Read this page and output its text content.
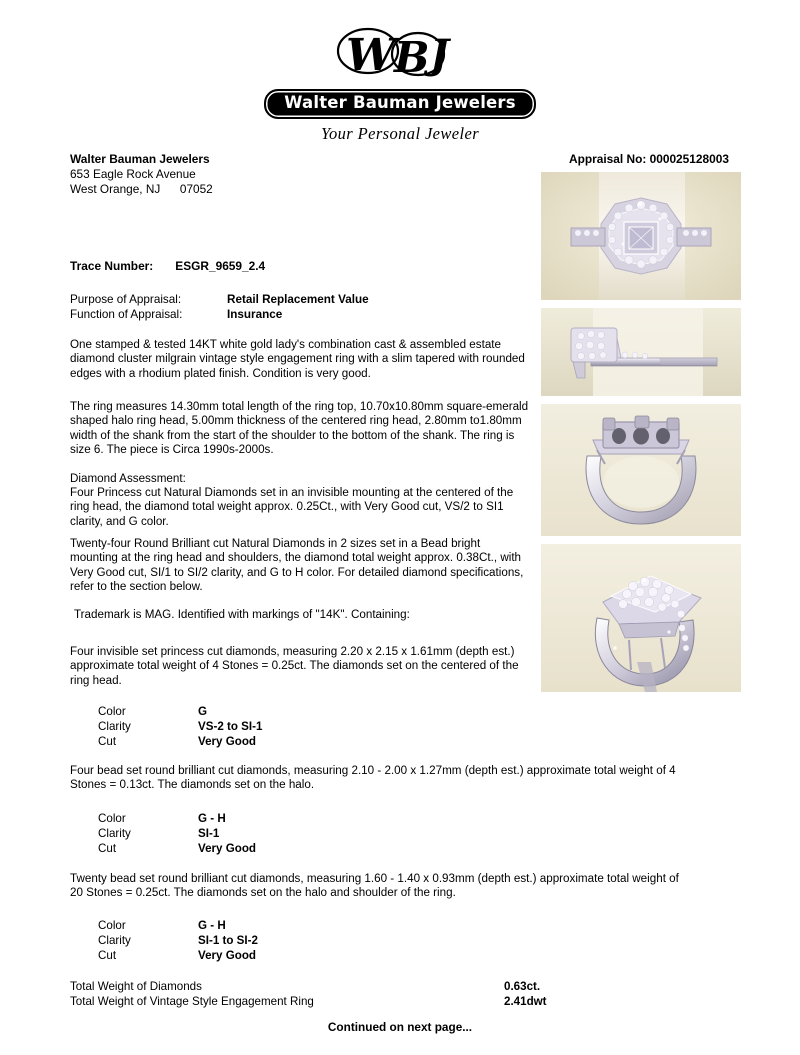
W
B J
Walter Bauman Jewelers
Your Personal Jeweler
Walter Bauman Jewelers
653 Eagle Rock Avenue
West Orange, NJ      07052
Appraisal No: 000025128003
Trace Number: ESGR_9659_2.4
Purpose of Appraisal:	Retail Replacement Value
Function of Appraisal:	Insurance
One stamped & tested 14KT white gold lady's combination cast & assembled estate diamond cluster milgrain vintage style engagement ring with a slim tapered with rounded edges with a rhodium plated finish. Condition is very good.
The ring measures 14.30mm total length of the ring top, 10.70x10.80mm square-emerald shaped halo ring head, 5.00mm thickness of the centered ring head, 2.80mm to1.80mm width of the shank from the start of the shoulder to the bottom of the shank. The ring is size 6. The piece is Circa 1990s-2000s.
Diamond Assessment:
Four Princess cut Natural Diamonds set in an invisible mounting at the centered of the ring head, the diamond total weight approx. 0.25Ct., with Very Good cut, VS/2 to SI1 clarity, and G color.
Twenty-four Round Brilliant cut Natural Diamonds in 2 sizes set in a Bead bright mounting at the ring head and shoulders, the diamond total weight approx. 0.38Ct., with Very Good cut, SI/1 to SI/2 clarity, and G to H color. For detailed diamond specifications, refer to the section below.
Trademark is MAG. Identified with markings of "14K". Containing:
Four invisible set princess cut diamonds, measuring 2.20 x 2.15 x 1.61mm (depth est.) approximate total weight of 4 Stones = 0.25ct. The diamonds set on the centered of the ring head.
Color	G
Clarity	VS-2 to SI-1
Cut	Very Good
Four bead set round brilliant cut diamonds, measuring 2.10 - 2.00 x 1.27mm (depth est.) approximate total weight of 4 Stones = 0.13ct. The diamonds set on the halo.
Color	G - H
Clarity	SI-1
Cut	Very Good
Twenty bead set round brilliant cut diamonds, measuring 1.60 - 1.40 x 0.93mm (depth est.) approximate total weight of 20 Stones = 0.25ct. The diamonds set on the halo and shoulder of the ring.
Color	G - H
Clarity	SI-1 to SI-2
Cut	Very Good
Total Weight of Diamonds	0.63ct.
Total Weight of Vintage Style Engagement Ring	2.41dwt
Continued on next page...
